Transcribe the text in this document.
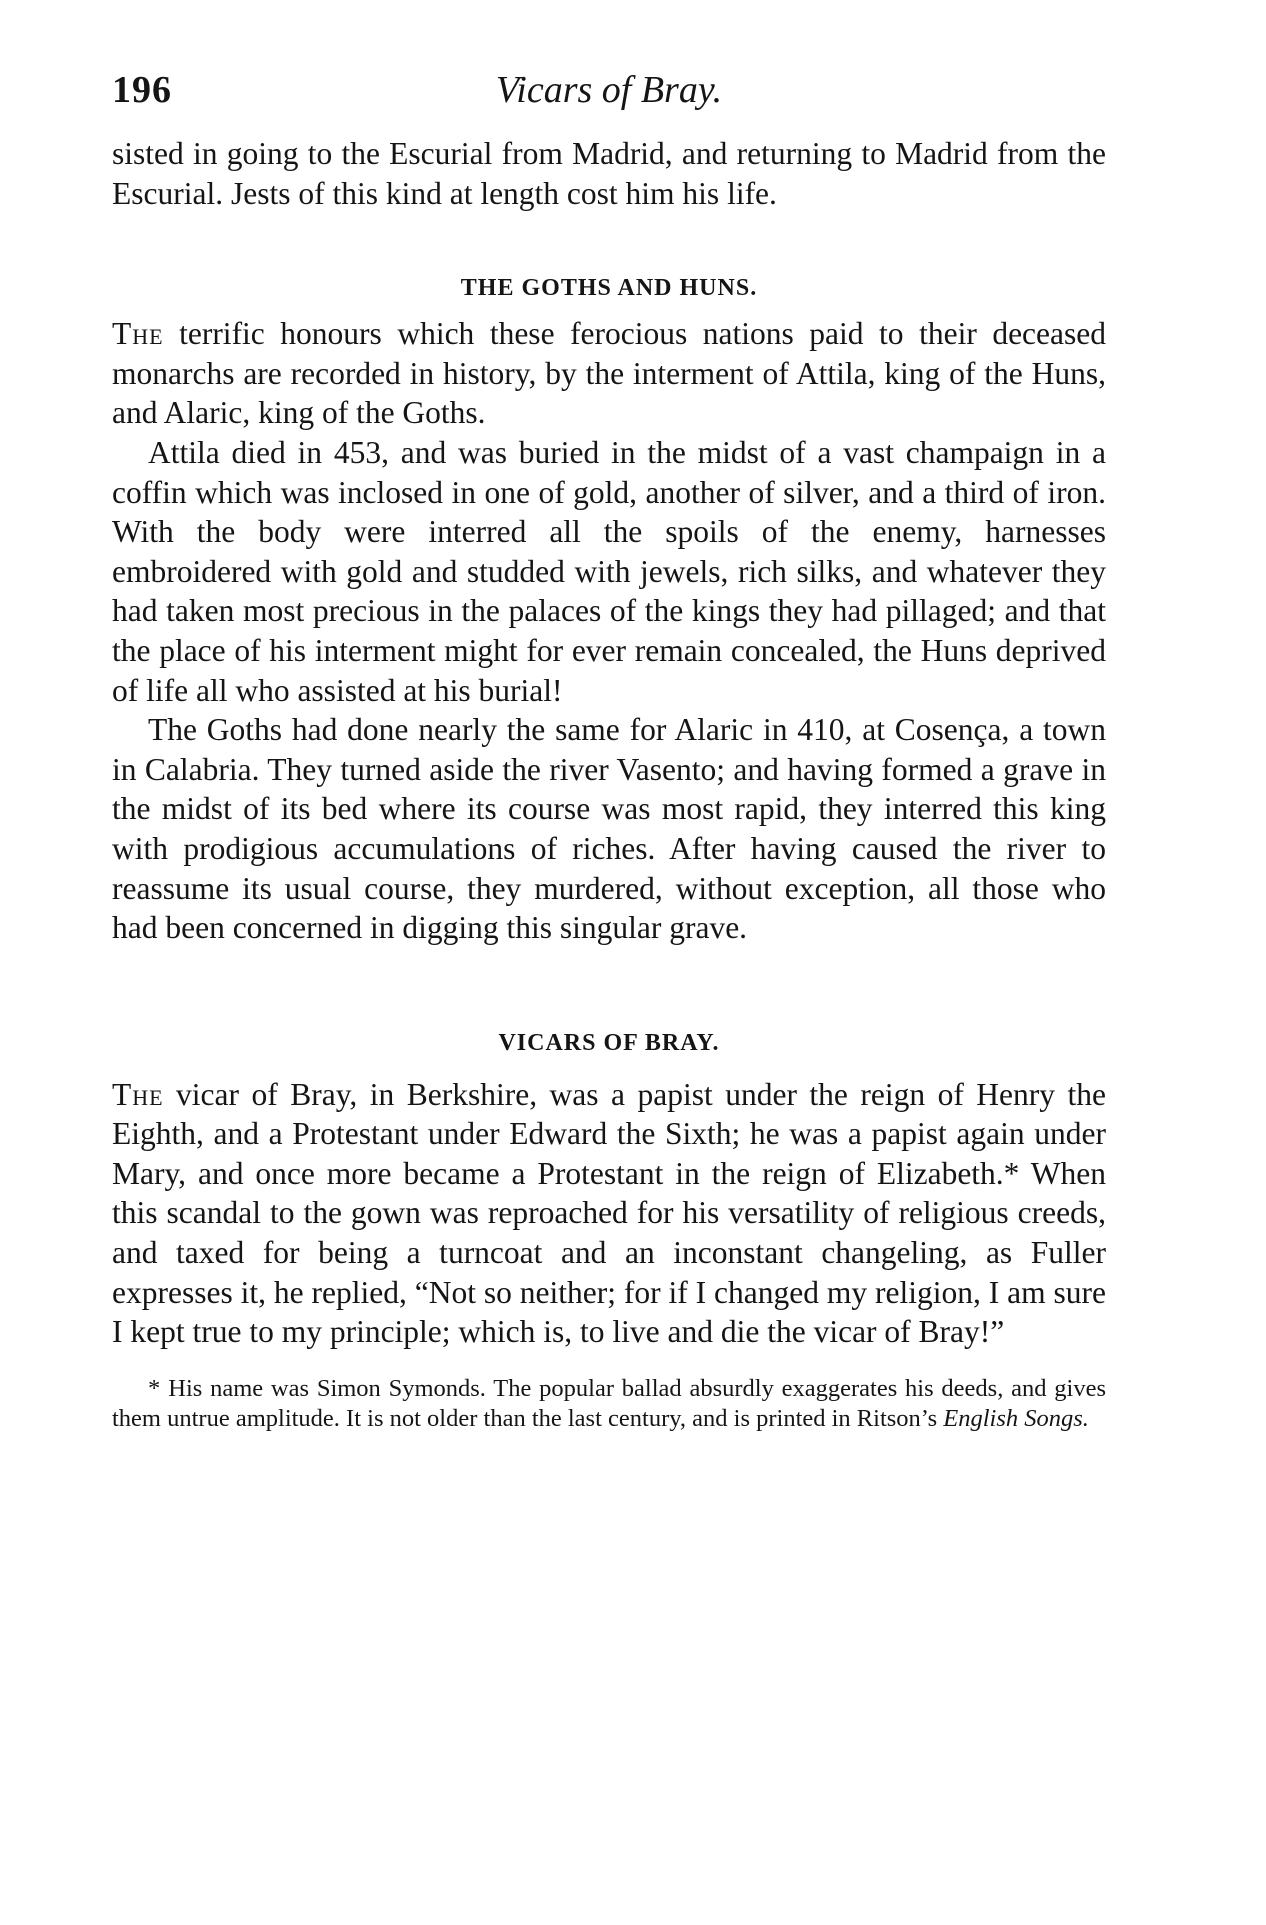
196	Vicars of Bray.

sisted in going to the Escurial from Madrid, and returning to Madrid from the Escurial. Jests of this kind at length cost him his life.

THE GOTHS AND HUNS.

The terrific honours which these ferocious nations paid to their deceased monarchs are recorded in history, by the interment of Attila, king of the Huns, and Alaric, king of the Goths.

Attila died in 453, and was buried in the midst of a vast champaign in a coffin which was inclosed in one of gold, another of silver, and a third of iron. With the body were interred all the spoils of the enemy, harnesses embroidered with gold and studded with jewels, rich silks, and whatever they had taken most precious in the palaces of the kings they had pillaged; and that the place of his interment might for ever remain concealed, the Huns deprived of life all who assisted at his burial!

The Goths had done nearly the same for Alaric in 410, at Cosença, a town in Calabria. They turned aside the river Vasento; and having formed a grave in the midst of its bed where its course was most rapid, they interred this king with prodigious accumulations of riches. After having caused the river to reassume its usual course, they murdered, without exception, all those who had been concerned in digging this singular grave.

VICARS OF BRAY.

The vicar of Bray, in Berkshire, was a papist under the reign of Henry the Eighth, and a Protestant under Edward the Sixth; he was a papist again under Mary, and once more became a Protestant in the reign of Elizabeth.* When this scandal to the gown was reproached for his versatility of religious creeds, and taxed for being a turncoat and an inconstant changeling, as Fuller expresses it, he replied, “Not so neither; for if I changed my religion, I am sure I kept true to my principle; which is, to live and die the vicar of Bray!”

* His name was Simon Symonds. The popular ballad absurdly exaggerates his deeds, and gives them untrue amplitude. It is not older than the last century, and is printed in Ritson’s English Songs.
